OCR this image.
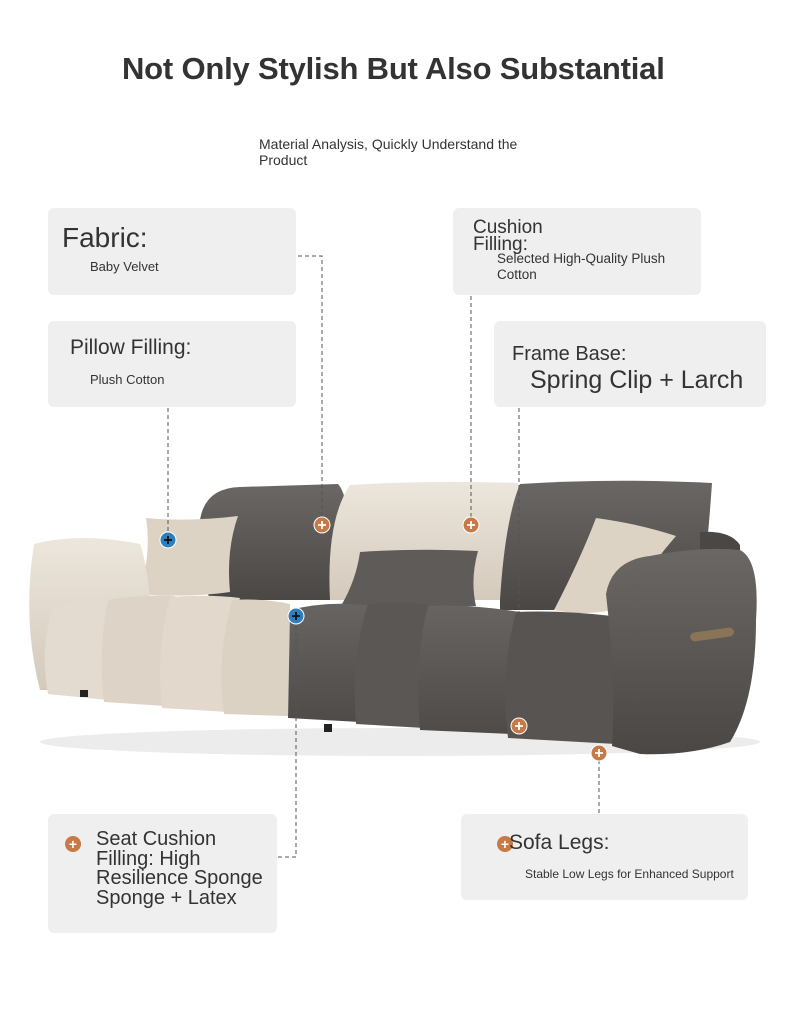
Not Only Stylish But Also Substantial
Material Analysis, Quickly Understand the Product
Fabric:
Baby Velvet
Pillow Filling:
Plush Cotton
Cushion Filling:
Selected High-Quality Plush Cotton
Frame Base:
Spring Clip + Larch
+ Seat Cushion Filling: High Resilience Sponge Sponge + Latex
+ Sofa Legs:
Stable Low Legs for Enhanced Support
